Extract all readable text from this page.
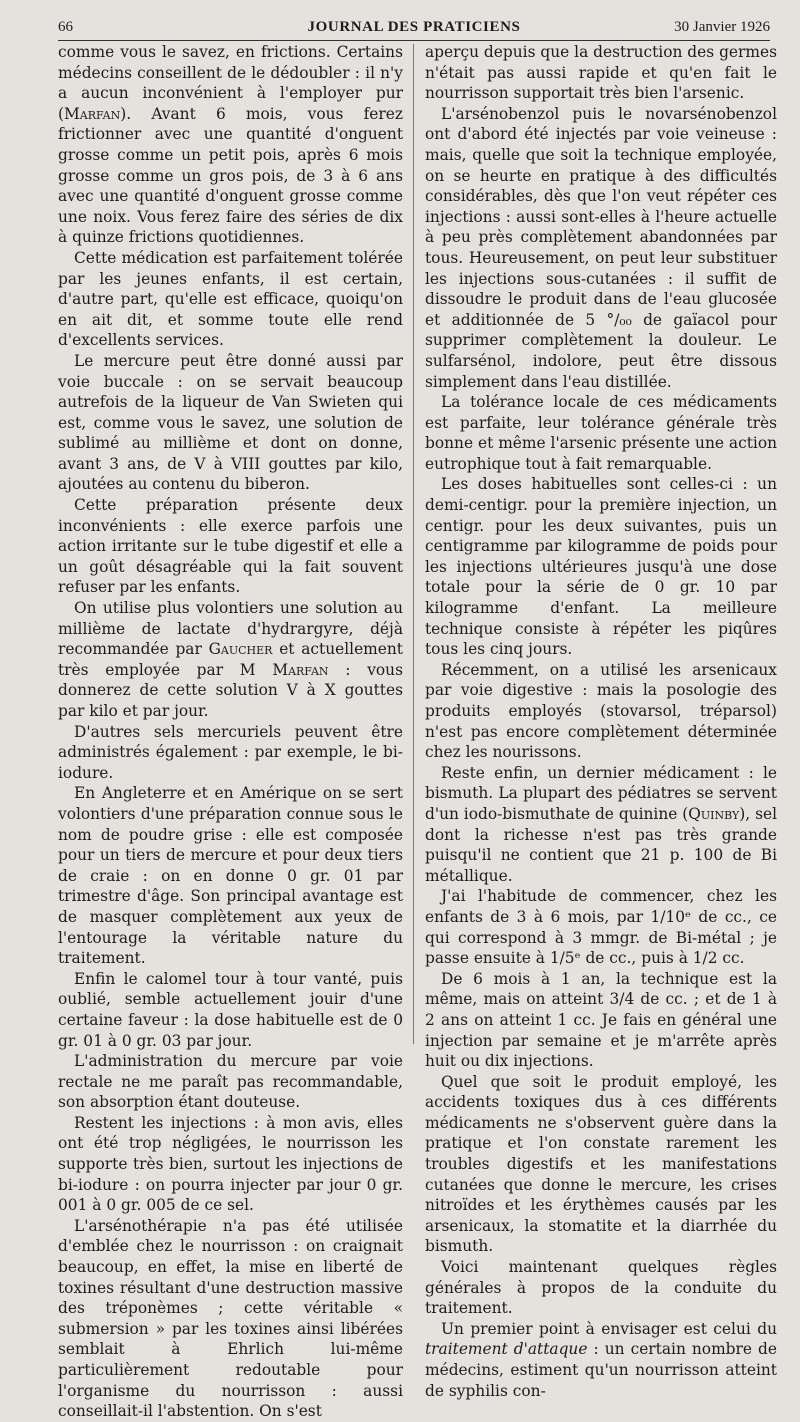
66	JOURNAL DES PRATICIENS	30 Janvier 1926

comme vous le savez, en frictions. Certains médecins conseillent de le dédoubler : il n'y a aucun inconvénient à l'employer pur (Marfan). Avant 6 mois, vous ferez frictionner avec une quantité d'onguent grosse comme un petit pois, après 6 mois grosse comme un gros pois, de 3 à 6 ans avec une quantité d'onguent grosse comme une noix. Vous ferez faire des séries de dix à quinze frictions quotidiennes.

Cette médication est parfaitement tolérée par les jeunes enfants, il est certain, d'autre part, qu'elle est efficace, quoiqu'on en ait dit, et somme toute elle rend d'excellents services.

Le mercure peut être donné aussi par voie buccale : on se servait beaucoup autrefois de la liqueur de Van Swieten qui est, comme vous le savez, une solution de sublimé au millième et dont on donne, avant 3 ans, de V à VIII gouttes par kilo, ajoutées au contenu du biberon.

Cette préparation présente deux inconvénients : elle exerce parfois une action irritante sur le tube digestif et elle a un goût désagréable qui la fait souvent refuser par les enfants.

On utilise plus volontiers une solution au millième de lactate d'hydrargyre, déjà recommandée par Gaucher et actuellement très employée par M Marfan : vous donnerez de cette solution V à X gouttes par kilo et par jour.

D'autres sels mercuriels peuvent être administrés également : par exemple, le bi-iodure.

En Angleterre et en Amérique on se sert volontiers d'une préparation connue sous le nom de poudre grise : elle est composée pour un tiers de mercure et pour deux tiers de craie : on en donne 0 gr. 01 par trimestre d'âge. Son principal avantage est de masquer complètement aux yeux de l'entourage la véritable nature du traitement.

Enfin le calomel tour à tour vanté, puis oublié, semble actuellement jouir d'une certaine faveur : la dose habituelle est de 0 gr. 01 à 0 gr. 03 par jour.

L'administration du mercure par voie rectale ne me paraît pas recommandable, son absorption étant douteuse.

Restent les injections : à mon avis, elles ont été trop négligées, le nourrisson les supporte très bien, surtout les injections de bi-iodure : on pourra injecter par jour 0 gr. 001 à 0 gr. 005 de ce sel.

L'arsénothérapie n'a pas été utilisée d'emblée chez le nourrisson : on craignait beaucoup, en effet, la mise en liberté de toxines résultant d'une destruction massive des tréponèmes ; cette véritable « submersion » par les toxines ainsi libérées semblait à Ehrlich lui-même particulièrement redoutable pour l'organisme du nourrisson : aussi conseillait-il l'abstention. On s'est

aperçu depuis que la destruction des germes n'était pas aussi rapide et qu'en fait le nourrisson supportait très bien l'arsenic.

L'arsénobenzol puis le novarsénobenzol ont d'abord été injectés par voie veineuse : mais, quelle que soit la technique employée, on se heurte en pratique à des difficultés considérables, dès que l'on veut répéter ces injections : aussi sont-elles à l'heure actuelle à peu près complètement abandonnées par tous. Heureusement, on peut leur substituer les injections sous-cutanées : il suffit de dissoudre le produit dans de l'eau glucosée et additionnée de 5 °/₀₀ de gaïacol pour supprimer complètement la douleur. Le sulfarsénol, indolore, peut être dissous simplement dans l'eau distillée.

La tolérance locale de ces médicaments est parfaite, leur tolérance générale très bonne et même l'arsenic présente une action eutrophique tout à fait remarquable.

Les doses habituelles sont celles-ci : un demi-centigr. pour la première injection, un centigr. pour les deux suivantes, puis un centigramme par kilogramme de poids pour les injections ultérieures jusqu'à une dose totale pour la série de 0 gr. 10 par kilogramme d'enfant. La meilleure technique consiste à répéter les piqûres tous les cinq jours.

Récemment, on a utilisé les arsenicaux par voie digestive : mais la posologie des produits employés (stovarsol, tréparsol) n'est pas encore complètement déterminée chez les nourissons.

Reste enfin, un dernier médicament : le bismuth. La plupart des pédiatres se servent d'un iodo-bismuthate de quinine (Quinby), sel dont la richesse n'est pas très grande puisqu'il ne contient que 21 p. 100 de Bi métallique.

J'ai l'habitude de commencer, chez les enfants de 3 à 6 mois, par 1/10ᵉ de cc., ce qui correspond à 3 mmgr. de Bi-métal ; je passe ensuite à 1/5ᵉ de cc., puis à 1/2 cc.

De 6 mois à 1 an, la technique est la même, mais on atteint 3/4 de cc. ; et de 1 à 2 ans on atteint 1 cc. Je fais en général une injection par semaine et je m'arrête après huit ou dix injections.

Quel que soit le produit employé, les accidents toxiques dus à ces différents médicaments ne s'observent guère dans la pratique et l'on constate rarement les troubles digestifs et les manifestations cutanées que donne le mercure, les crises nitroïdes et les érythèmes causés par les arsenicaux, la stomatite et la diarrhée du bismuth.

Voici maintenant quelques règles générales à propos de la conduite du traitement.

Un premier point à envisager est celui du traitement d'attaque : un certain nombre de médecins, estiment qu'un nourrisson atteint de syphilis con-
